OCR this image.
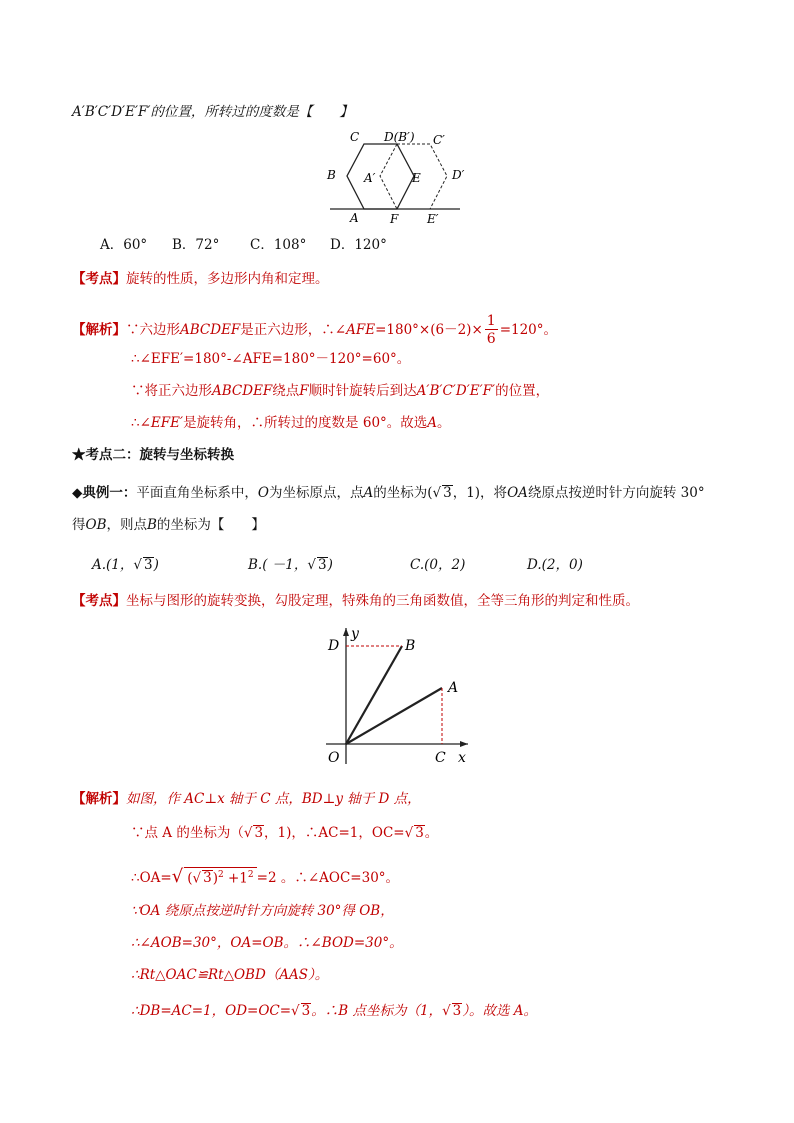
A′B′C′D′E′F′的位置，所转过的度数是【　　】
C D(B′) C′
B A′	E	D′
A	F E′
A．60° B．72° C．108° D．120°
【考点】旋转的性质，多边形内角和定理。
【解析】∵六边形ABCDEF是正六边形，∴∠AFE=180°×(6－2)× $\frac{1}{6} =120^\circ$。
∴∠EFE′=180°-∠AFE=180°－120°=60°。
∵将正六边形ABCDEF绕点F顺时针旋转后到达A′B′C′D′E′F′的位置，
∴∠EFE′是旋转角，∴所转过的度数是 60°。故选A。
★考点二：旋转与坐标转换
◆典例一：平面直角坐标系中，O为坐标原点，点A的坐标为(√ 3，1)，将OA绕原点按逆时针方向旋转 30°
得OB，则点B的坐标为【　　】
A.(1，√ 3)	B.( －1，√ 3)	C.(0，2)	D.(2，0)
【考点】坐标与图形的旋转变换，勾股定理，特殊角的三角函数值，全等三角形的判定和性质。
y
D	B
A
O	C x
【解析】如图，作 AC⊥x 轴于 C 点，BD⊥y 轴于 D 点，
∵点 A 的坐标为（√ 3，1)，∴AC=1，OC=√ 3。
∴OA=√ (√ $3)^2 +1^2 =2$ 。∴∠AOC=30°。
∵OA 绕原点按逆时针方向旋转 30°得 OB，
∴∠AOB=30°，OA=OB。∴∠BOD=30°。
∴Rt△OAC≌Rt△OBD（AAS）。
∴DB=AC=1，OD=OC=√ 3。∴B 点坐标为（1，√ 3）。故选 A。
